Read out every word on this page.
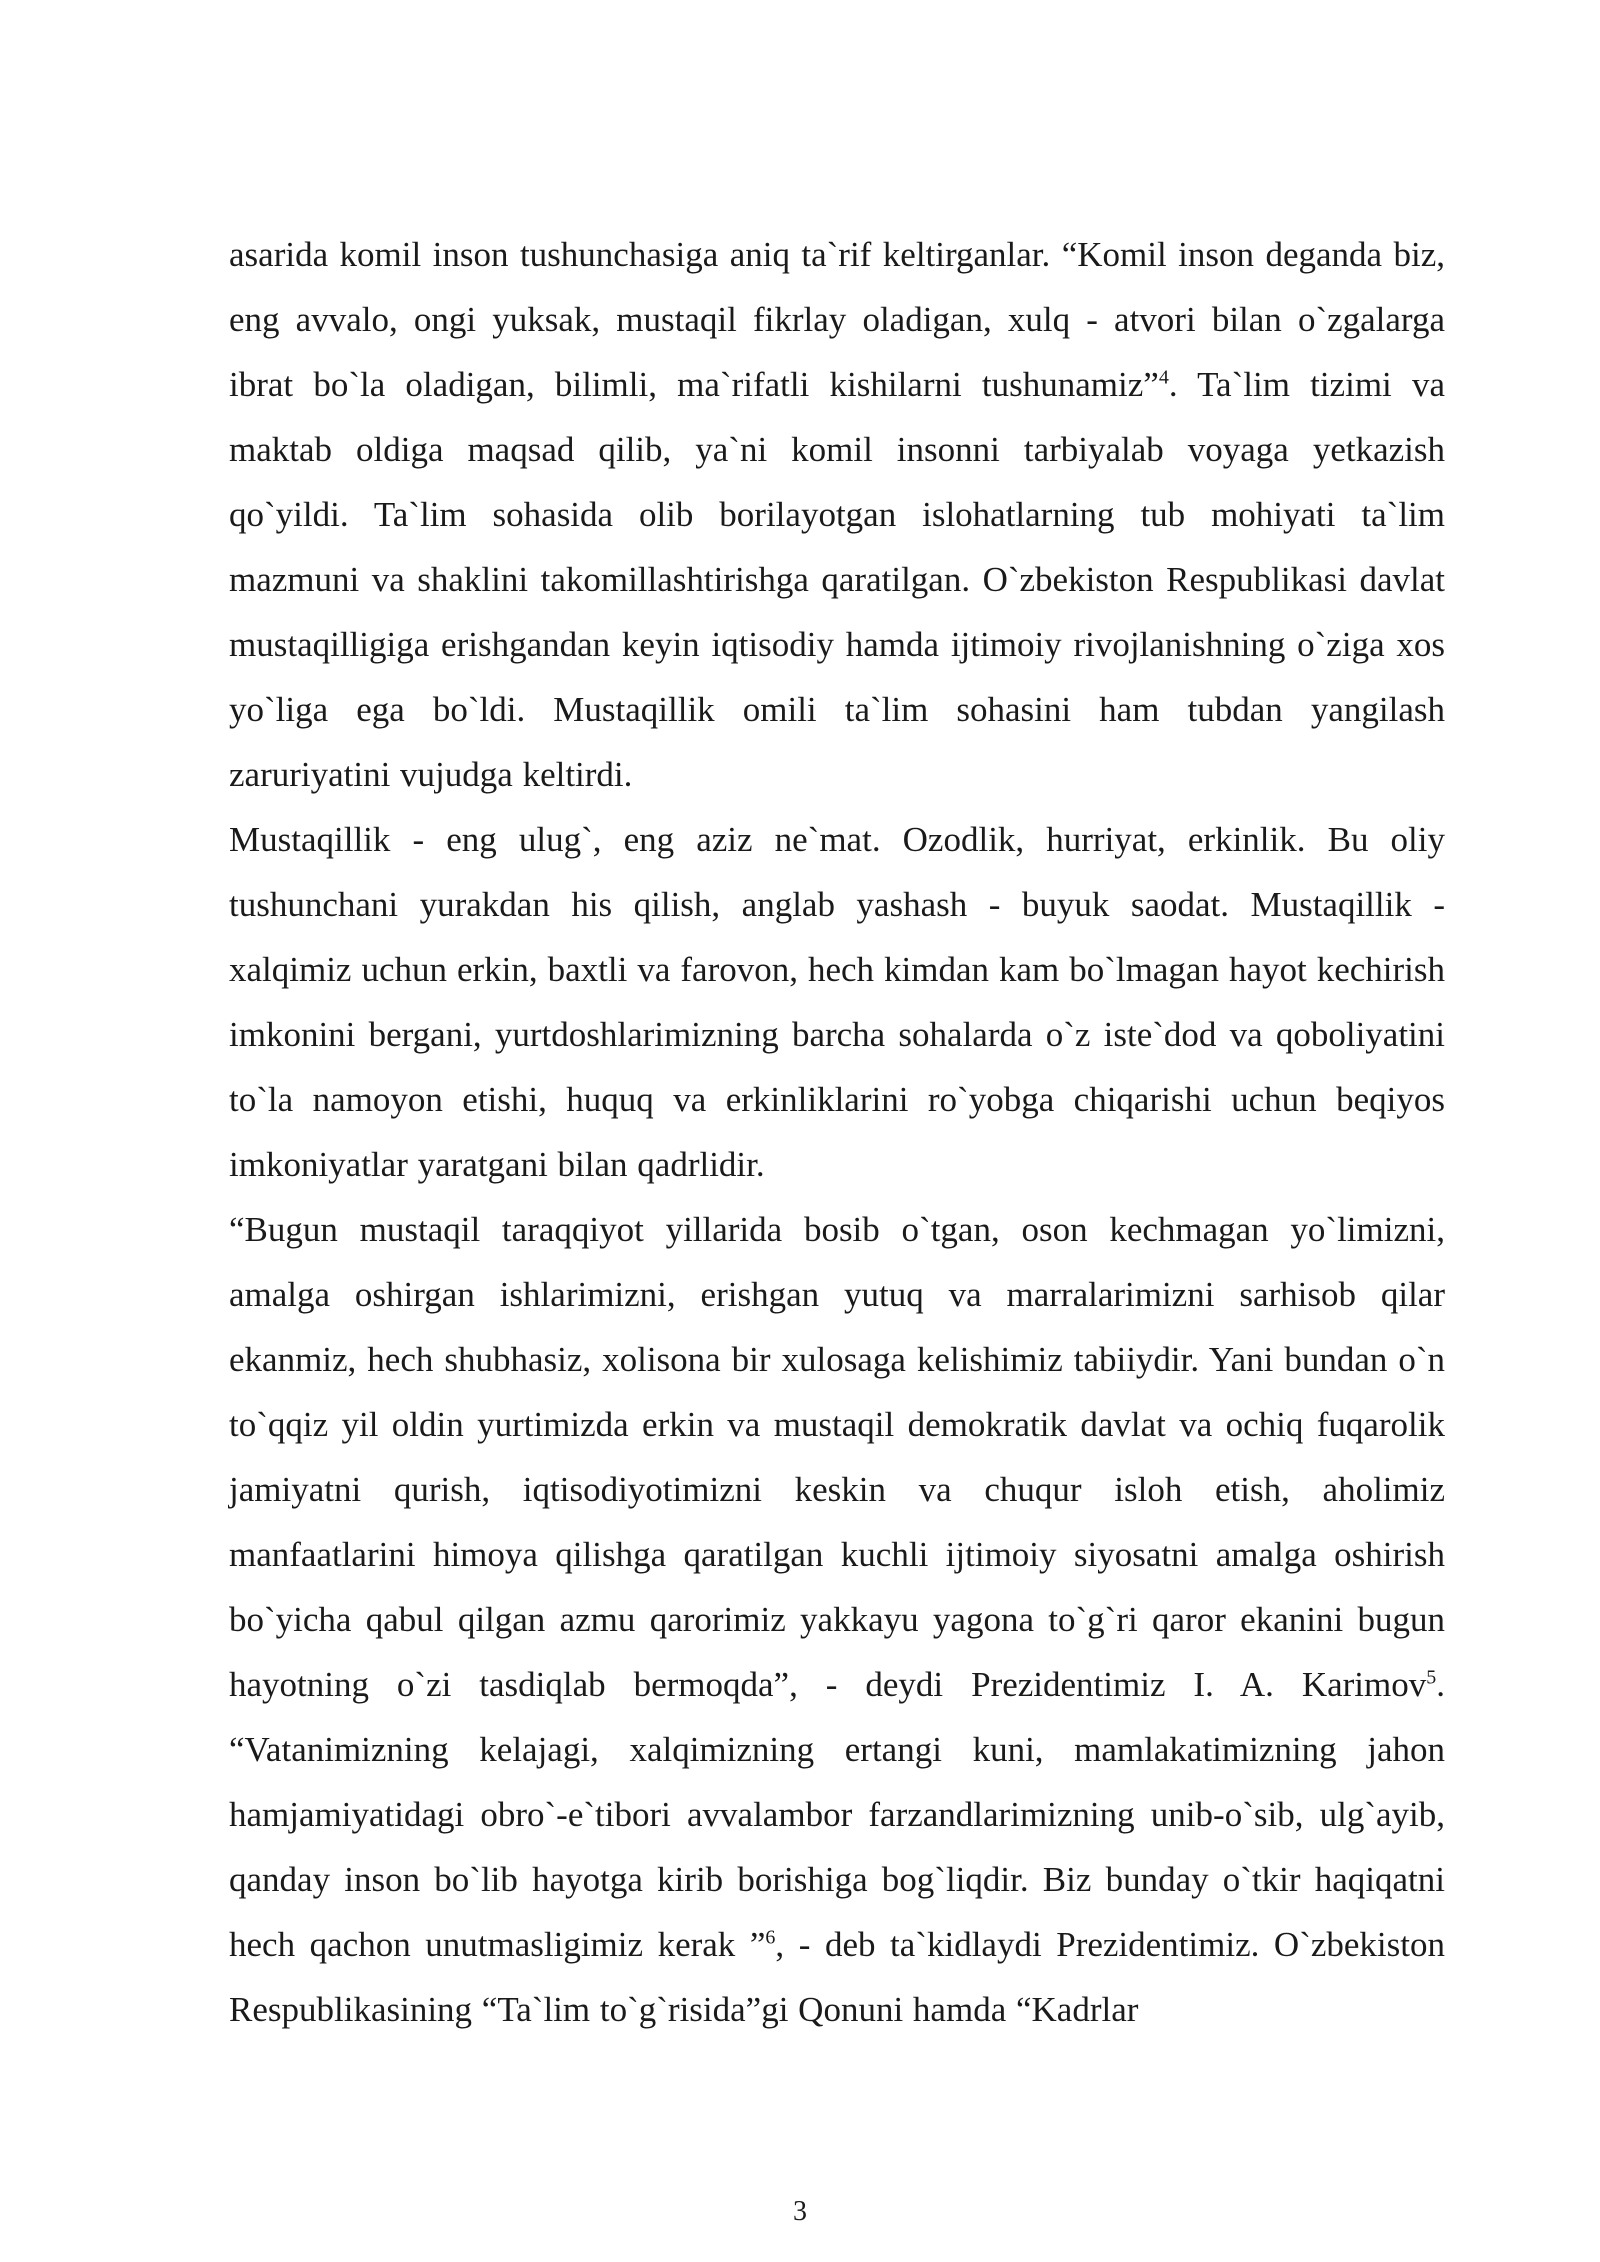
asarida komil inson tushunchasiga aniq ta`rif keltirganlar. “Komil inson deganda biz, eng avvalo, ongi yuksak, mustaqil fikrlay oladigan, xulq - atvori bilan o`zgalarga ibrat bo`la oladigan, bilimli, ma`rifatli kishilarni tushunamiz”$^4$. Ta`lim tizimi va maktab oldiga maqsad qilib, ya`ni komil insonni tarbiyalab voyaga yetkazish qo`yildi. Ta`lim sohasida olib borilayotgan islohatlarning tub mohiyati ta`lim mazmuni va shaklini takomillashtirishga qaratilgan. O`zbekiston Respublikasi davlat mustaqilligiga erishgandan keyin iqtisodiy hamda ijtimoiy rivojlanishning o`ziga xos yo`liga ega bo`ldi. Mustaqillik omili ta`lim sohasini ham tubdan yangilash zaruriyatini vujudga keltirdi.

Mustaqillik - eng ulug`, eng aziz ne`mat. Ozodlik, hurriyat, erkinlik. Bu oliy tushunchani yurakdan his qilish, anglab yashash - buyuk saodat. Mustaqillik - xalqimiz uchun erkin, baxtli va farovon, hech kimdan kam bo`lmagan hayot kechirish imkonini bergani, yurtdoshlarimizning barcha sohalarda o`z iste`dod va qoboliyatini to`la namoyon etishi, huquq va erkinliklarini ro`yobga chiqarishi uchun beqiyos imkoniyatlar yaratgani bilan qadrlidir.

“Bugun mustaqil taraqqiyot yillarida bosib o`tgan, oson kechmagan yo`limizni, amalga oshirgan ishlarimizni, erishgan yutuq va marralarimizni sarhisob qilar ekanmiz, hech shubhasiz, xolisona bir xulosaga kelishimiz tabiiydir. Yani bundan o`n to`qqiz yil oldin yurtimizda erkin va mustaqil demokratik davlat va ochiq fuqarolik jamiyatni qurish, iqtisodiyotimizni keskin va chuqur isloh etish, aholimiz manfaatlarini himoya qilishga qaratilgan kuchli ijtimoiy siyosatni amalga oshirish bo`yicha qabul qilgan azmu qarorimiz yakkayu yagona to`g`ri qaror ekanini bugun hayotning o`zi tasdiqlab bermoqda”, - deydi Prezidentimiz I. A. Karimov$^5$. “Vatanimizning kelajagi, xalqimizning ertangi kuni, mamlakatimizning jahon hamjamiyatidagi obro`-e`tibori avvalambor farzandlarimizning unib-o`sib, ulg`ayib, qanday inson bo`lib hayotga kirib borishiga bog`liqdir. Biz bunday o`tkir haqiqatni hech qachon unutmasligimiz kerak ”$^6$, - deb ta`kidlaydi Prezidentimiz. O`zbekiston Respublikasining “Ta`lim to`g`risida”gi Qonuni hamda “Kadrlar

3
